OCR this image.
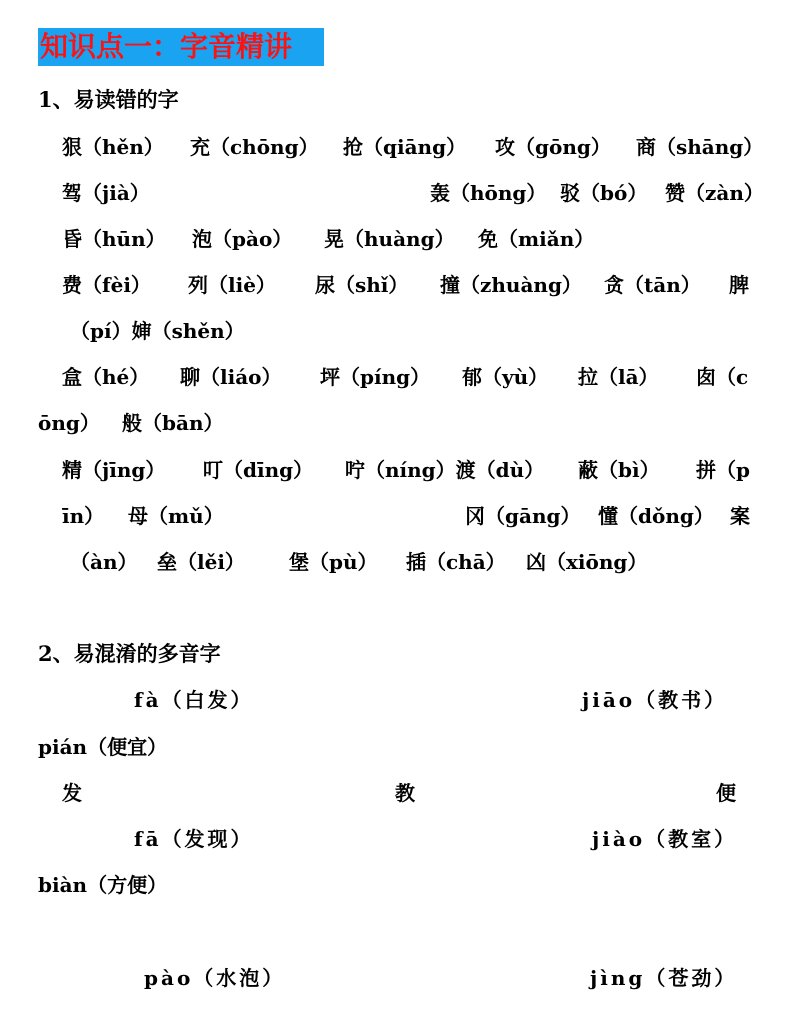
知识点一：字音精讲
1、易读错的字
狠（hěn） 充（chōng） 抢（qiāng） 攻（gōng） 商（shāng）
驾（jià）	轰（hōng） 驳（bó） 赞（zàn）
昏（hūn） 泡（pào） 晃（huàng） 免（miǎn）
费（fèi） 列（liè） 尿（shǐ） 撞（zhuàng） 贪（tān） 脾
（pí）婶（shěn）
盒（hé） 聊（liáo） 坪（píng） 郁（yù） 拉（lā） 囱（c
ōng） 般（bān）
精（jīng） 叮（dīng） 咛（níng）渡（dù） 蔽（bì） 拼（p
īn） 母（mǔ）	冈（gāng） 懂（dǒng） 案
（àn） 垒（lěi） 堡（pù） 插（chā） 凶（xiōng）
2、易混淆的多音字
fà（白发）	jiāo（教书）
pián（便宜）
发	教	便
fā（发现）	jiào（教室）
biàn（方便）
pào（水泡）	jìng（苍劲）
